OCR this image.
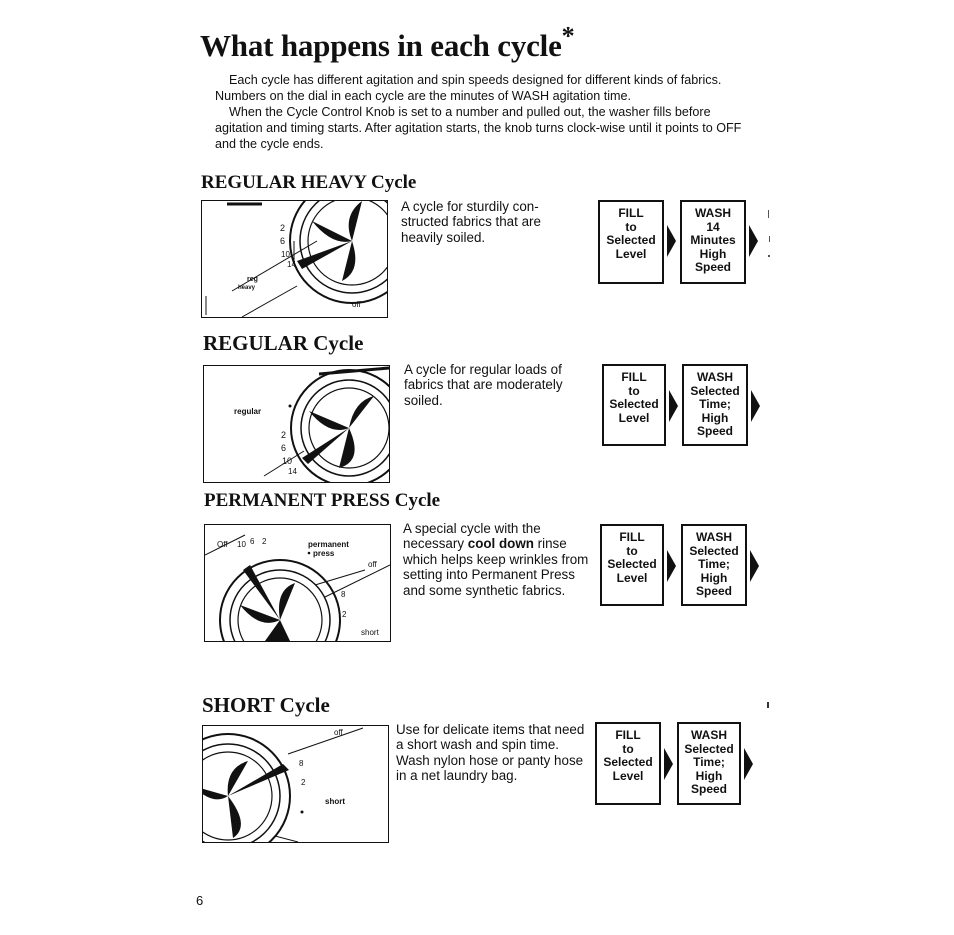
What happens in each cycle*

Each cycle has different agitation and spin speeds designed for different kinds of fabrics. Numbers on the dial in each cycle are the minutes of WASH agitation time.

When the Cycle Control Knob is set to a number and pulled out, the washer fills before agitation and timing starts. After agitation starts, the knob turns clock-wise until it points to OFF and the cycle ends.

REGULAR HEAVY Cycle
2
6
10
14
reg
heavy
off

A cycle for sturdily con-structed fabrics that are heavily soiled.

FILL
to
Selected
Level
WASH
14
Minutes
High
Speed
REGULAR Cycle
regular
2
6
10
14

A cycle for regular loads of fabrics that are moderately soiled.

FILL
to
Selected
Level
WASH
Selected
Time;
High
Speed
PERMANENT PRESS Cycle
Off 10 6 2	permanent
press
off
8
2
short

A special cycle with the necessary cool down rinse which helps keep wrinkles from setting into Permanent Press and some synthetic fabrics.

FILL
to
Selected
Level
WASH
Selected
Time;
High
Speed
SHORT Cycle
off
8
2
short

Use for delicate items that need a short wash and spin time. Wash nylon hose or panty hose in a net laundry bag.

FILL
to
Selected
Level
WASH
Selected
Time;
High
Speed
6
